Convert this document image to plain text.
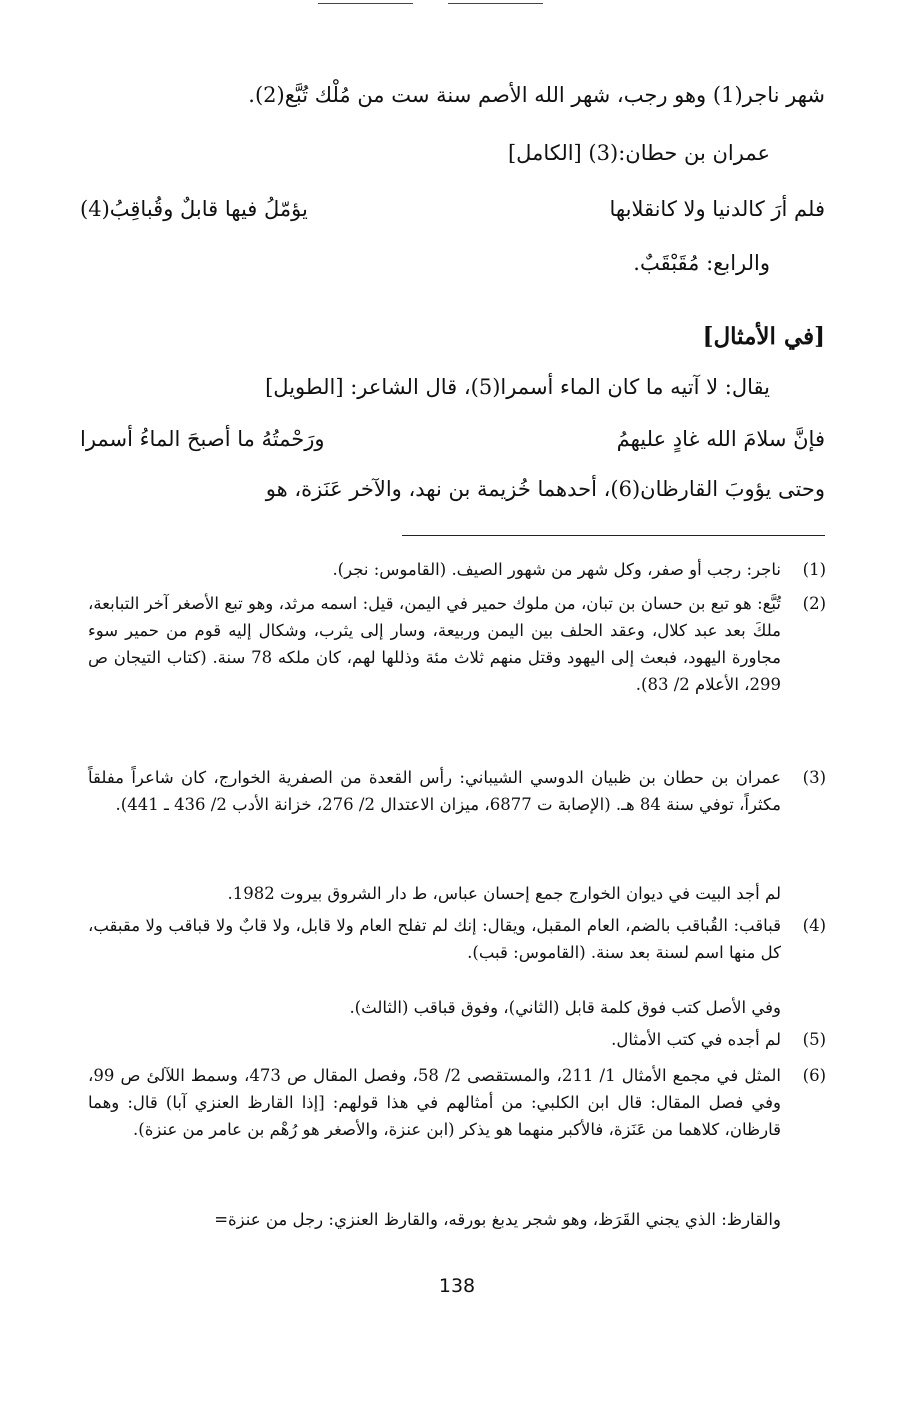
شهر ناجر(1) وهو رجب، شهر الله الأصم سنة ست من مُلْك تُبَّع(2).
عمران بن حطان:(3) [الكامل]
فلم أرَ كالدنيا ولا كانقلابها
يؤمّلُ فيها قابلٌ وقُباقِبُ(4)
والرابع: مُقَبْقَبٌ.
[في الأمثال]
يقال: لا آتيه ما كان الماء أسمرا(5)، قال الشاعر: [الطويل]
فإنَّ سلامَ الله غادٍ عليهمُ
ورَحْمتُهُ ما أصبحَ الماءُ أسمرا
وحتى يؤوبَ القارظان(6)، أحدهما خُزيمة بن نهد، والآخر عَنَزة، هو
(1)
ناجر: رجب أو صفر، وكل شهر من شهور الصيف. (القاموس: نجر).
(2)
تُبَّع: هو تبع بن حسان بن تبان، من ملوك حمير في اليمن، قيل: اسمه مرثد، وهو تبع الأصغر آخر التبابعة، ملكَ بعد عبد كلال، وعقد الحلف بين اليمن وربيعة، وسار إلى يثرب، وشكال إليه قوم من حمير سوء مجاورة اليهود، فبعث إلى اليهود وقتل منهم ثلاث مئة وذللها لهم، كان ملكه 78 سنة. (كتاب التيجان ص 299، الأعلام 2/ 83).
(3)
عمران بن حطان بن ظبيان الدوسي الشيباني: رأس القعدة من الصفرية الخوارج، كان شاعراً مفلقاً مكثراً، توفي سنة 84 هـ. (الإصابة ت 6877، ميزان الاعتدال 2/ 276، خزانة الأدب 2/ 436 ـ 441).
لم أجد البيت في ديوان الخوارج جمع إحسان عباس، ط دار الشروق بيروت 1982.
(4)
قباقب: القُباقب بالضم، العام المقبل، ويقال: إنك لم تفلح العام ولا قابل، ولا قابٌ ولا قباقب ولا مقبقب، كل منها اسم لسنة بعد سنة. (القاموس: قبب).
وفي الأصل كتب فوق كلمة قابل (الثاني)، وفوق قباقب (الثالث).
(5)
لم أجده في كتب الأمثال.
(6)
المثل في مجمع الأمثال 1/ 211، والمستقصى 2/ 58، وفصل المقال ص 473، وسمط اللآلئ ص 99، وفي فصل المقال: قال ابن الكلبي: من أمثالهم في هذا قولهم: [إذا القارظ العنزي آبا) قال: وهما قارظان، كلاهما من عَنَزة، فالأكبر منهما هو يذكر (ابن عنزة، والأصغر هو رُهْم بن عامر من عنزة).
والقارظ: الذي يجني القَرَظ، وهو شجر يدبغ بورقه، والقارظ العنزي: رجل من عنزة=
138
